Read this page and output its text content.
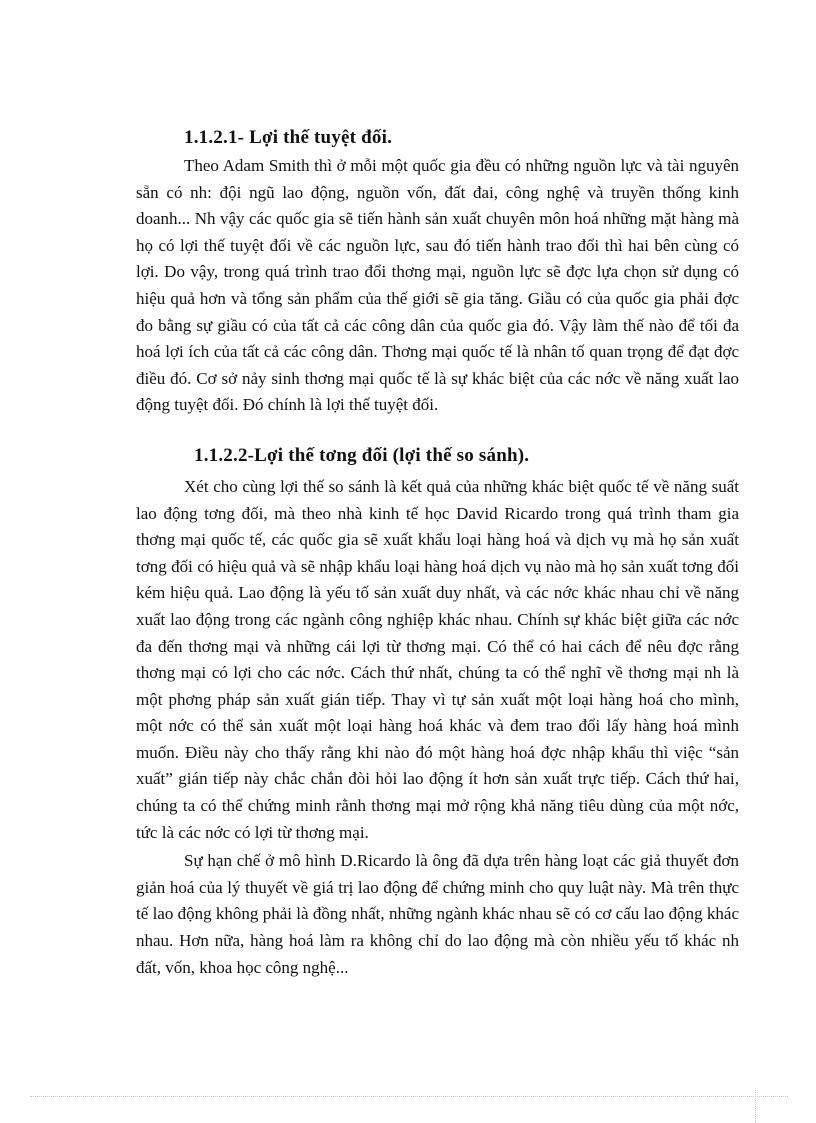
1.1.2.1- Lợi thế tuyệt đối.

Theo Adam Smith thì ở mỗi một quốc gia đều có những nguồn lực và tài nguyên sẵn có nh: đội ngũ lao động, nguồn vốn, đất đai, công nghệ và truyền thống kinh doanh... Nh vậy các quốc gia sẽ tiến hành sản xuất chuyên môn hoá những mặt hàng mà họ có lợi thế tuyệt đối về các nguồn lực, sau đó tiến hành trao đổi thì hai bên cùng có lợi. Do vậy, trong quá trình trao đổi thơng mại, nguồn lực sẽ đợc lựa chọn sử dụng có hiệu quả hơn và tổng sản phẩm của thế giới sẽ gia tăng. Giầu có của quốc gia phải đợc đo bằng sự giầu có của tất cả các công dân của quốc gia đó. Vậy làm thế nào để tối đa hoá lợi ích của tất cả các công dân. Thơng mại quốc tế là nhân tố quan trọng để đạt đợc điều đó. Cơ sở nảy sinh thơng mại quốc tế là sự khác biệt của các nớc về năng xuất lao động tuyệt đối. Đó chính là lợi thế tuyệt đối.

1.1.2.2-Lợi thế tơng đối (lợi thế so sánh).

Xét cho cùng lợi thế so sánh là kết quả của những khác biệt quốc tế về năng suất lao động tơng đối, mà theo nhà kinh tế học David Ricardo trong quá trình tham gia thơng mại quốc tế, các quốc gia sẽ xuất khẩu loại hàng hoá và dịch vụ mà họ sản xuất tơng đối có hiệu quả và sẽ nhập khẩu loại hàng hoá dịch vụ nào mà họ sản xuất tơng đối kém hiệu quả. Lao động là yếu tố sản xuất duy nhất, và các nớc khác nhau chỉ về năng xuất lao động trong các ngành công nghiệp khác nhau. Chính sự khác biệt giữa các nớc đa đến thơng mại và những cái lợi từ thơng mại. Có thể có hai cách để nêu đợc rằng thơng mại có lợi cho các nớc. Cách thứ nhất, chúng ta có thể nghĩ về thơng mại nh là một phơng pháp sản xuất gián tiếp. Thay vì tự sản xuất một loại hàng hoá cho mình, một nớc có thể sản xuất một loại hàng hoá khác và đem trao đổi lấy hàng hoá mình muốn. Điều này cho thấy rằng khi nào đó một hàng hoá đợc nhập khẩu thì việc “sản xuất” gián tiếp này chắc chắn đòi hỏi lao động ít hơn sản xuất trực tiếp. Cách thứ hai, chúng ta có thể chứng minh rằnh thơng mại mở rộng khả năng tiêu dùng của một nớc, tức là các nớc có lợi từ thơng mại.

Sự hạn chế ở mô hình D.Ricardo là ông đã dựa trên hàng loạt các giả thuyết đơn giản hoá của lý thuyết về giá trị lao động để chứng minh cho quy luật này. Mà trên thực tế lao động không phải là đồng nhất, những ngành khác nhau sẽ có cơ cấu lao động khác nhau. Hơn nữa, hàng hoá làm ra không chỉ do lao động mà còn nhiều yếu tố khác nh đất, vốn, khoa học công nghệ...
